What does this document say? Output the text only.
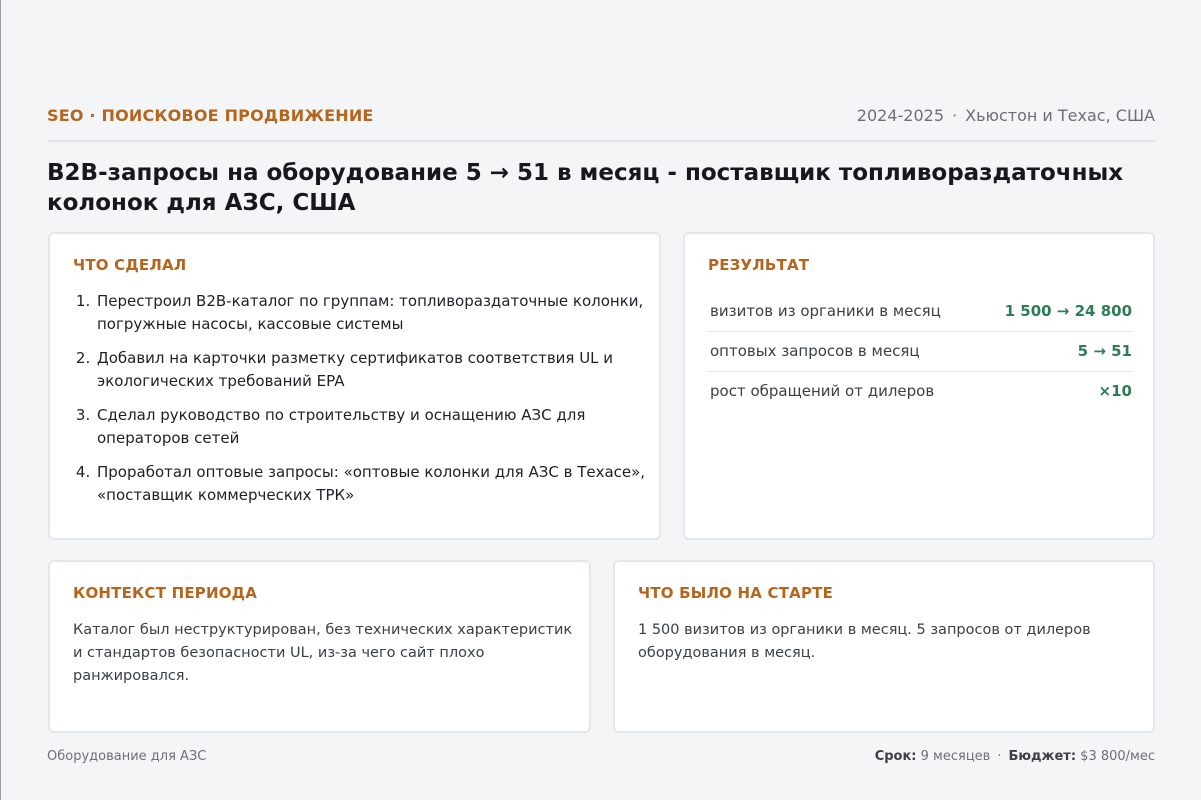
SEO · ПОИСКОВОЕ ПРОДВИЖЕНИЕ	2024-2025 · Хьюстон и Техас, США
B2B-запросы на оборудование 5 → 51 в месяц - поставщик топливораздаточных колонок для АЗС, США
ЧТО СДЕЛАЛ
1. Перестроил B2B-каталог по группам: топливораздаточные колонки, погружные насосы, кассовые системы
2. Добавил на карточки разметку сертификатов соответствия UL и экологических требований EPA
3. Сделал руководство по строительству и оснащению АЗС для операторов сетей
4. Проработал оптовые запросы: «оптовые колонки для АЗС в Техасе», «поставщик коммерческих ТРК»
РЕЗУЛЬТАТ
визитов из органики в месяц	1 500 → 24 800
оптовых запросов в месяц	5 → 51
рост обращений от дилеров	×10
КОНТЕКСТ ПЕРИОДА

Каталог был неструктурирован, без технических характеристик и стандартов безопасности UL, из-за чего сайт плохо ранжировался.

ЧТО БЫЛО НА СТАРТЕ

1 500 визитов из органики в месяц. 5 запросов от дилеров оборудования в месяц.

Оборудование для АЗС	Срок: 9 месяцев · Бюджет: $3 800/мес
